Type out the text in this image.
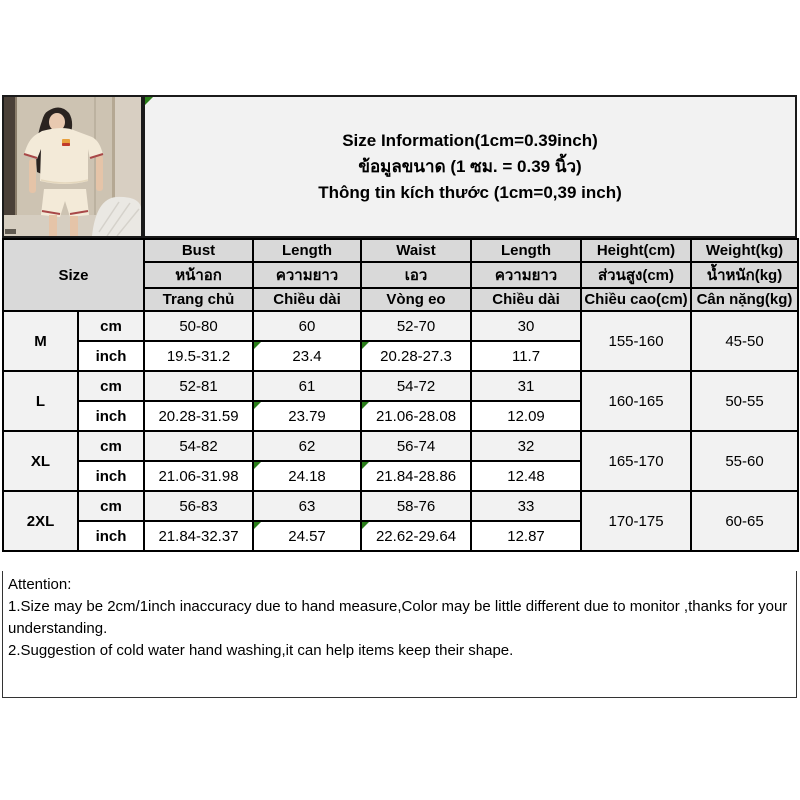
Size Information(1cm=0.39inch)
ข้อมูลขนาด (1 ซม. = 0.39 นิ้ว)
Thông tin kích thước (1cm=0,39 inch)
Size		Bust	Length	Waist	Length	Height(cm)	Weight(kg)
		หน้าอก	ความยาว	เอว	ความยาว	ส่วนสูง(cm)	น้ำหนัก(kg)
		Trang chủ	Chiều dài	Vòng eo	Chiều dài	Chiều cao(cm)	Cân nặng(kg)
M	cm	50-80	60	52-70	30	155-160	45-50
	inch	19.5-31.2	23.4	20.28-27.3	11.7		
L	cm	52-81	61	54-72	31	160-165	50-55
	inch	20.28-31.59	23.79	21.06-28.08	12.09		
XL	cm	54-82	62	56-74	32	165-170	55-60
	inch	21.06-31.98	24.18	21.84-28.86	12.48		
2XL	cm	56-83	63	58-76	33	170-175	60-65
	inch	21.84-32.37	24.57	22.62-29.64	12.87		
Attention:
1.Size may be 2cm/1inch inaccuracy due to hand measure,Color may be little different due to monitor ,thanks for your understanding.
2.Suggestion of cold water hand washing,it can help items keep their shape.
